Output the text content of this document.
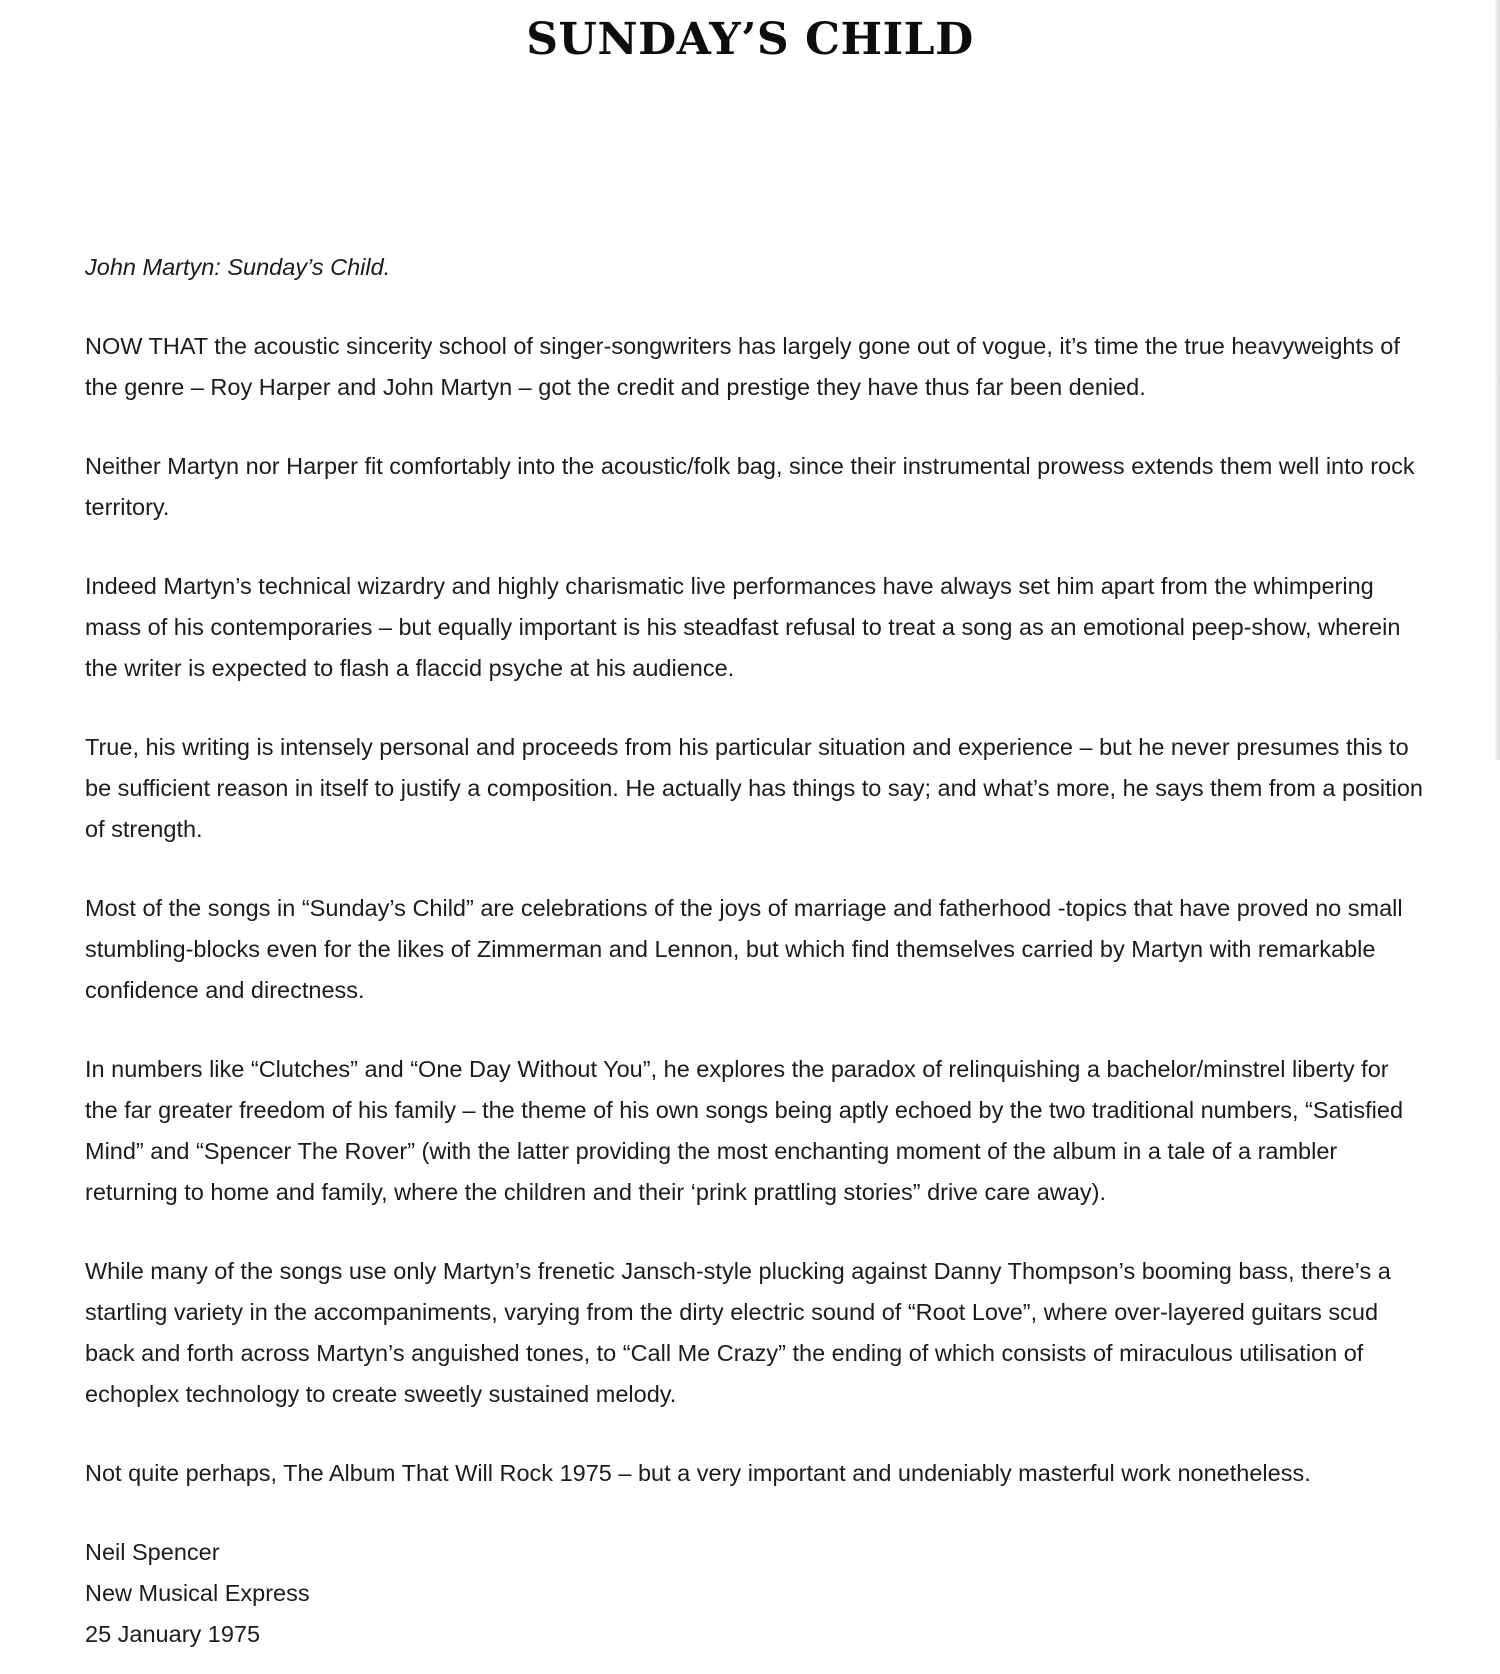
SUNDAY’S CHILD

John Martyn: Sunday’s Child.

NOW THAT the acoustic sincerity school of singer-songwriters has largely gone out of vogue, it’s time the true heavyweights of the genre – Roy Harper and John Martyn – got the credit and prestige they have thus far been denied.

Neither Martyn nor Harper fit comfortably into the acoustic/folk bag, since their instrumental prowess extends them well into rock territory.

Indeed Martyn’s technical wizardry and highly charismatic live performances have always set him apart from the whimpering mass of his contemporaries – but equally important is his steadfast refusal to treat a song as an emotional peep-show, wherein the writer is expected to flash a flaccid psyche at his audience.

True, his writing is intensely personal and proceeds from his particular situation and experience – but he never presumes this to be sufficient reason in itself to justify a composition. He actually has things to say; and what’s more, he says them from a position of strength.

Most of the songs in “Sunday’s Child” are celebrations of the joys of marriage and fatherhood -topics that have proved no small stumbling-blocks even for the likes of Zimmerman and Lennon, but which find themselves carried by Martyn with remarkable confidence and directness.

In numbers like “Clutches” and “One Day Without You”, he explores the paradox of relinquishing a bachelor/minstrel liberty for the far greater freedom of his family – the theme of his own songs being aptly echoed by the two traditional numbers, “Satisfied Mind” and “Spencer The Rover” (with the latter providing the most enchanting moment of the album in a tale of a rambler returning to home and family, where the children and their ‘prink prattling stories” drive care away).

While many of the songs use only Martyn’s frenetic Jansch-style plucking against Danny Thompson’s booming bass, there’s a startling variety in the accompaniments, varying from the dirty electric sound of “Root Love”, where over-layered guitars scud back and forth across Martyn’s anguished tones, to “Call Me Crazy” the ending of which consists of miraculous utilisation of echoplex technology to create sweetly sustained melody.

Not quite perhaps, The Album That Will Rock 1975 – but a very important and undeniably masterful work nonetheless.

Neil Spencer
New Musical Express
25 January 1975
